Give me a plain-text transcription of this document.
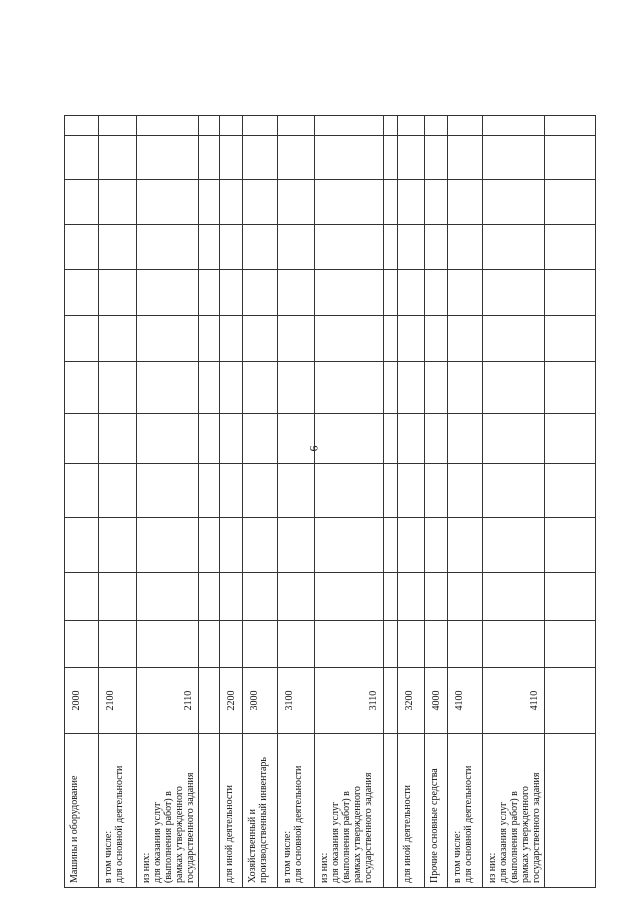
6
Машины и оборудование	2000												
в том числе:
для основной деятельности	2100												
из них:
для оказания услуг
(выполнения работ) в
рамках утвержденного
государственного задания	2110												

для иной деятельности	2200												
Хозяйственный и
производственный инвентарь	3000												
в том числе:
для основной деятельности	3100												
из них:
для оказания услуг
(выполнения работ) в
рамках утвержденного
государственного задания	3110												

для иной деятельности	3200												
Прочие основные средства	4000												
в том числе:
для основной деятельности	4100												
из них:
для оказания услуг
(выполнения работ) в
рамках утвержденного
государственного задания	4110												
